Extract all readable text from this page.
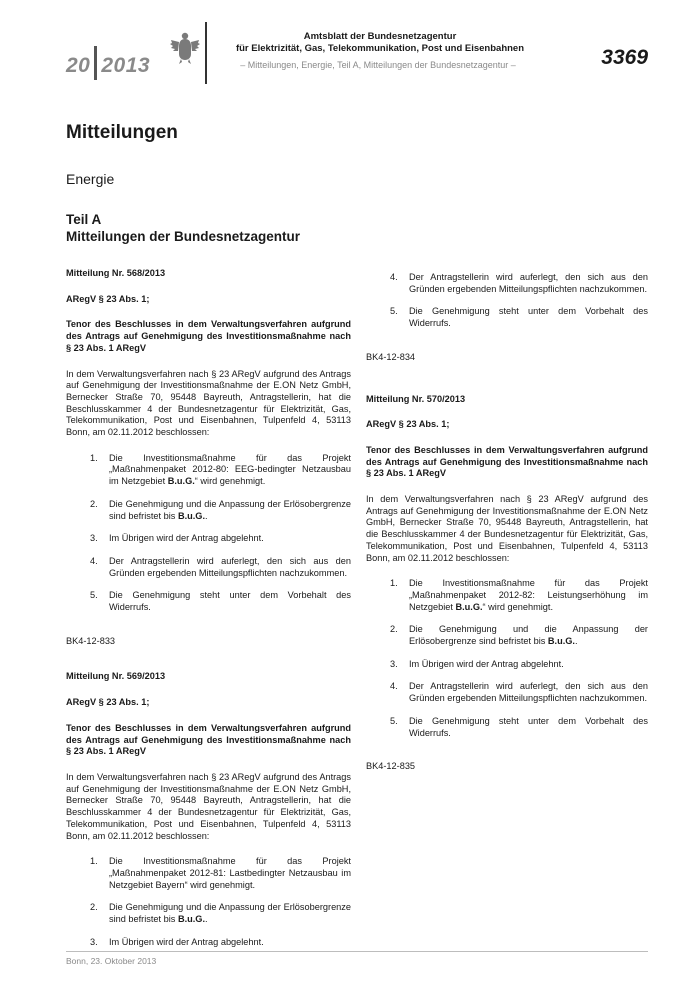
20 2013
Amtsblatt der Bundesnetzagentur
für Elektrizität, Gas, Telekommunikation, Post und Eisenbahnen
– Mitteilungen, Energie, Teil A, Mitteilungen der Bundesnetzagentur –	3369
Mitteilungen
Energie
Teil A
Mitteilungen der Bundesnetzagentur

Mitteilung Nr. 568/2013

ARegV § 23 Abs. 1;

Tenor des Beschlusses in dem Verwaltungsverfahren aufgrund des Antrags auf Genehmigung des Investitionsmaßnahme nach § 23 Abs. 1 ARegV

In dem Verwaltungsverfahren nach § 23 ARegV aufgrund des Antrags auf Genehmigung der Investitionsmaßnahme der E.ON Netz GmbH, Bernecker Straße 70, 95448 Bayreuth, Antragstellerin, hat die Beschlusskammer 4 der Bundesnetzagentur für Elektrizität, Gas, Telekommunikation, Post und Eisenbahnen, Tulpenfeld 4, 53113 Bonn, am 02.11.2012 beschlossen:

1. Die Investitionsmaßnahme für das Projekt „Maßnahmenpaket 2012-80: EEG-bedingter Netzausbau im Netzgebiet B.u.G.“ wird genehmigt.
2. Die Genehmigung und die Anpassung der Erlösobergrenze sind befristet bis B.u.G..
3. Im Übrigen wird der Antrag abgelehnt.
4. Der Antragstellerin wird auferlegt, den sich aus den Gründen ergebenden Mitteilungspflichten nachzukommen.
5. Die Genehmigung steht unter dem Vorbehalt des Widerrufs.

BK4-12-833

Mitteilung Nr. 569/2013

ARegV § 23 Abs. 1;

Tenor des Beschlusses in dem Verwaltungsverfahren aufgrund des Antrags auf Genehmigung des Investitionsmaßnahme nach § 23 Abs. 1 ARegV

In dem Verwaltungsverfahren nach § 23 ARegV aufgrund des Antrags auf Genehmigung der Investitionsmaßnahme der E.ON Netz GmbH, Bernecker Straße 70, 95448 Bayreuth, Antragstellerin, hat die Beschlusskammer 4 der Bundesnetzagentur für Elektrizität, Gas, Telekommunikation, Post und Eisenbahnen, Tulpenfeld 4, 53113 Bonn, am 02.11.2012 beschlossen:

1. Die Investitionsmaßnahme für das Projekt „Maßnahmenpaket 2012-81: Lastbedingter Netzausbau im Netzgebiet Bayern“ wird genehmigt.
2. Die Genehmigung und die Anpassung der Erlösobergrenze sind befristet bis B.u.G..
3. Im Übrigen wird der Antrag abgelehnt.
4. Der Antragstellerin wird auferlegt, den sich aus den Gründen ergebenden Mitteilungspflichten nachzukommen.
5. Die Genehmigung steht unter dem Vorbehalt des Widerrufs.

BK4-12-834

Mitteilung Nr. 570/2013

ARegV § 23 Abs. 1;

Tenor des Beschlusses in dem Verwaltungsverfahren aufgrund des Antrags auf Genehmigung des Investitionsmaßnahme nach § 23 Abs. 1 ARegV

In dem Verwaltungsverfahren nach § 23 ARegV aufgrund des Antrags auf Genehmigung der Investitionsmaßnahme der E.ON Netz GmbH, Bernecker Straße 70, 95448 Bayreuth, Antragstellerin, hat die Beschlusskammer 4 der Bundesnetzagentur für Elektrizität, Gas, Telekommunikation, Post und Eisenbahnen, Tulpenfeld 4, 53113 Bonn, am 02.11.2012 beschlossen:

1. Die Investitionsmaßnahme für das Projekt „Maßnahmenpaket 2012-82: Leistungserhöhung im Netzgebiet B.u.G.“ wird genehmigt.
2. Die Genehmigung und die Anpassung der Erlösobergrenze sind befristet bis B.u.G..
3. Im Übrigen wird der Antrag abgelehnt.
4. Der Antragstellerin wird auferlegt, den sich aus den Gründen ergebenden Mitteilungspflichten nachzukommen.
5. Die Genehmigung steht unter dem Vorbehalt des Widerrufs.

BK4-12-835

Bonn, 23. Oktober 2013
